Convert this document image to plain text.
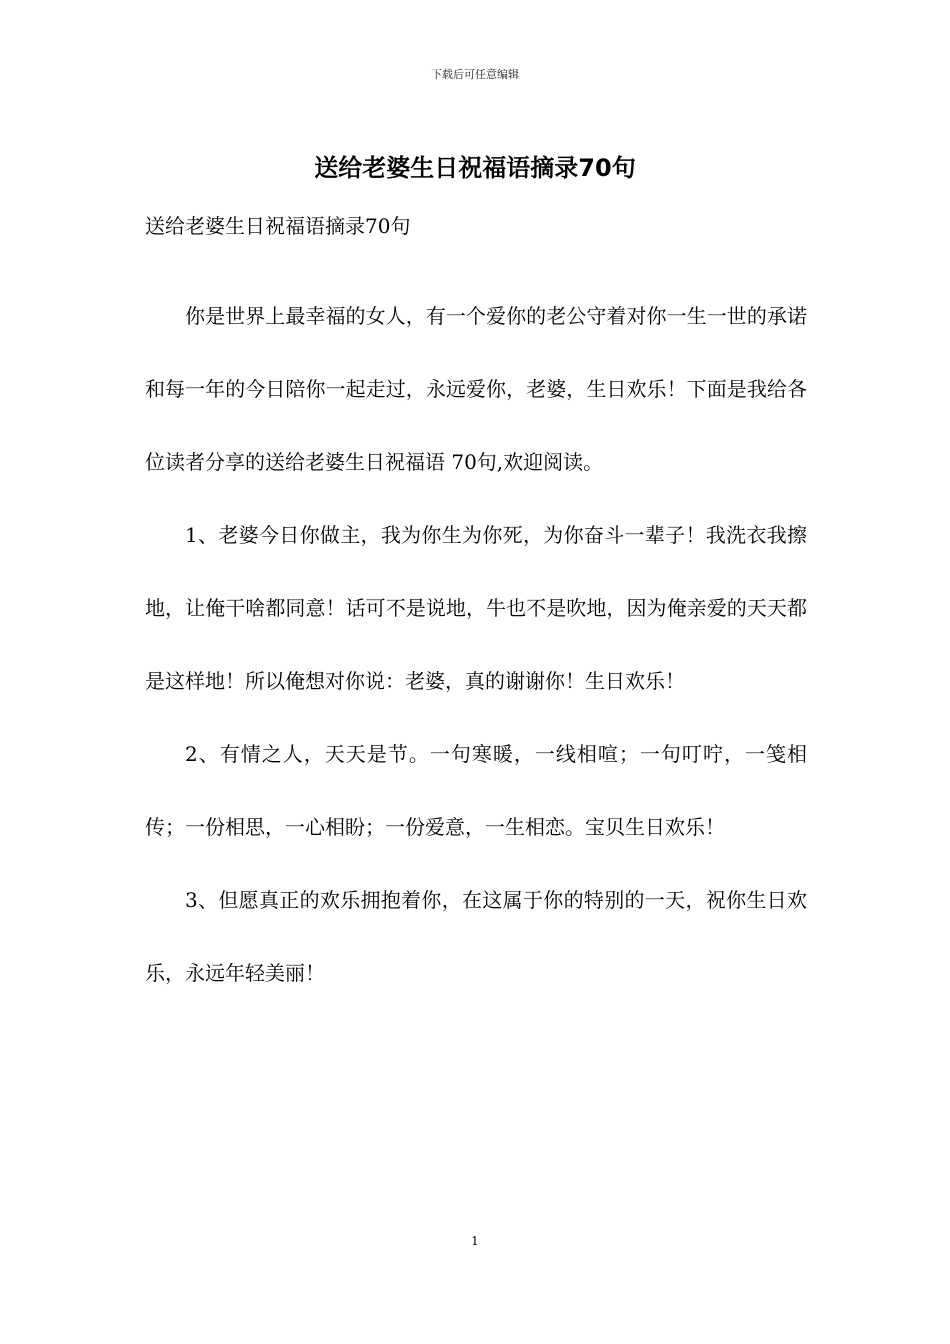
下载后可任意编辑
送给老婆生日祝福语摘录70句

送给老婆生日祝福语摘录70句

你是世界上最幸福的女人，有一个爱你的老公守着对你一生一世的承诺和每一年的今日陪你一起走过，永远爱你，老婆，生日欢乐！下面是我给各位读者分享的送给老婆生日祝福语 70句,欢迎阅读。

1、老婆今日你做主，我为你生为你死，为你奋斗一辈子！我洗衣我擦地，让俺干啥都同意！话可不是说地，牛也不是吹地，因为俺亲爱的天天都是这样地！所以俺想对你说：老婆，真的谢谢你！生日欢乐！

2、有情之人，天天是节。一句寒暖，一线相喧；一句叮咛，一笺相传；一份相思，一心相盼；一份爱意，一生相恋。宝贝生日欢乐！

3、但愿真正的欢乐拥抱着你，在这属于你的特别的一天，祝你生日欢乐，永远年轻美丽！

1
